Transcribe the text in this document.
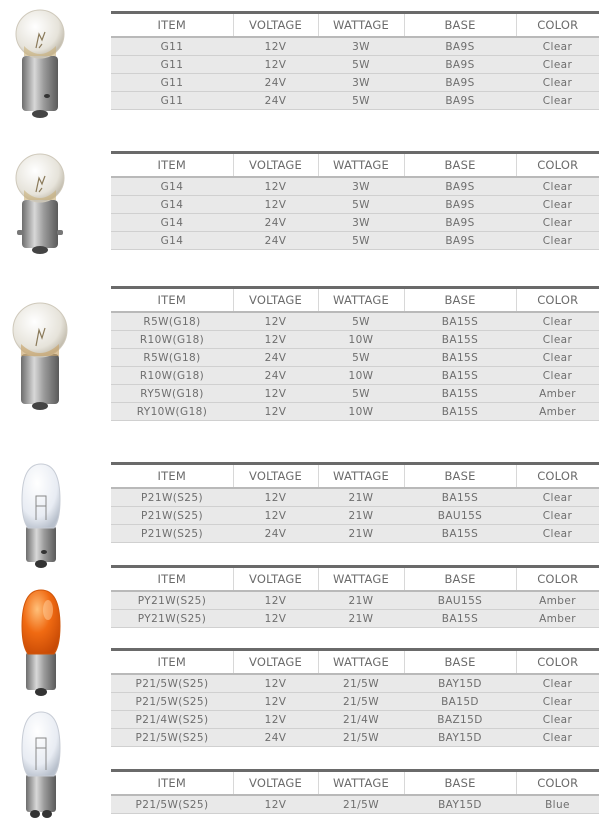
ITEM	VOLTAGE	WATTAGE	BASE	COLOR
G11	12V	3W	BA9S	Clear
G11	12V	5W	BA9S	Clear
G11	24V	3W	BA9S	Clear
G11	24V	5W	BA9S	Clear
ITEM	VOLTAGE	WATTAGE	BASE	COLOR
G14	12V	3W	BA9S	Clear
G14	12V	5W	BA9S	Clear
G14	24V	3W	BA9S	Clear
G14	24V	5W	BA9S	Clear
ITEM	VOLTAGE	WATTAGE	BASE	COLOR
R5W(G18)	12V	5W	BA15S	Clear
R10W(G18)	12V	10W	BA15S	Clear
R5W(G18)	24V	5W	BA15S	Clear
R10W(G18)	24V	10W	BA15S	Clear
RY5W(G18)	12V	5W	BA15S	Amber
RY10W(G18)	12V	10W	BA15S	Amber
ITEM	VOLTAGE	WATTAGE	BASE	COLOR
P21W(S25)	12V	21W	BA15S	Clear
P21W(S25)	12V	21W	BAU15S	Clear
P21W(S25)	24V	21W	BA15S	Clear
ITEM	VOLTAGE	WATTAGE	BASE	COLOR
PY21W(S25)	12V	21W	BAU15S	Amber
PY21W(S25)	12V	21W	BA15S	Amber
ITEM	VOLTAGE	WATTAGE	BASE	COLOR
P21/5W(S25)	12V	21/5W	BAY15D	Clear
P21/5W(S25)	12V	21/5W	BA15D	Clear
P21/4W(S25)	12V	21/4W	BAZ15D	Clear
P21/5W(S25)	24V	21/5W	BAY15D	Clear
ITEM	VOLTAGE	WATTAGE	BASE	COLOR
P21/5W(S25)	12V	21/5W	BAY15D	Blue
